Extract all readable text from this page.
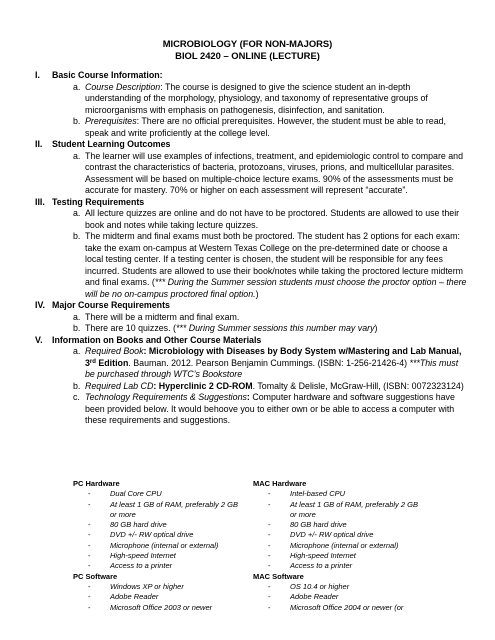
MICROBIOLOGY (FOR NON-MAJORS)
BIOL 2420 – ONLINE (LECTURE)
I.	Basic Course Information:
a. Course Description: The course is designed to give the science student an in-depth understanding of the morphology, physiology, and taxonomy of representative groups of microorganisms with emphasis on pathogenesis, disinfection, and sanitation.
b. Prerequisites: There are no official prerequisites. However, the student must be able to read, speak and write proficiently at the college level.
II.	Student Learning Outcomes
a. The learner will use examples of infections, treatment, and epidemiologic control to compare and contrast the characteristics of bacteria, protozoans, viruses, prions, and multicellular parasites. Assessment will be based on multiple-choice lecture exams. 90% of the assessments must be accurate for mastery. 70% or higher on each assessment will represent “accurate”.
III. Testing Requirements
a. All lecture quizzes are online and do not have to be proctored. Students are allowed to use their book and notes while taking lecture quizzes.
b. The midterm and final exams must both be proctored. The student has 2 options for each exam: take the exam on-campus at Western Texas College on the pre-determined date or choose a local testing center. If a testing center is chosen, the student will be responsible for any fees incurred. Students are allowed to use their book/notes while taking the proctored lecture midterm and final exams. (*** During the Summer session students must choose the proctor option – there will be no on-campus proctored final option.)
IV. Major Course Requirements
a. There will be a midterm and final exam.
b. There are 10 quizzes. (*** During Summer sessions this number may vary)
V.	Information on Books and Other Course Materials
a. Required Book: Microbiology with Diseases by Body System w/Mastering and Lab Manual, 3rd Edition. Bauman. 2012. Pearson Benjamin Cummings. (ISBN: 1-256-21426-4) ***This must be purchased through WTC’s Bookstore
b. Required Lab CD: Hyperclinic 2 CD-ROM. Tomalty & Delisle, McGraw-Hill, (ISBN: 0072323124)
c. Technology Requirements & Suggestions: Computer hardware and software suggestions have been provided below. It would behoove you to either own or be able to access a computer with these requirements and suggestions.
PC Hardware
-	Dual Core CPU
-	At least 1 GB of RAM, preferably 2 GB
or more
-	80 GB hard drive
-	DVD +/- RW optical drive
-	Microphone (internal or external)
-	High-speed Internet
-	Access to a printer
PC Software
-	Windows XP or higher
-	Adobe Reader
-	Microsoft Office 2003 or newer
MAC Hardware
-	Intel-based CPU
-	At least 1 GB of RAM, preferably 2 GB
or more
-	80 GB hard drive
-	DVD +/- RW optical drive
-	Microphone (internal or external)
-	High-speed Internet
-	Access to a printer
MAC Software
-	OS 10.4 or higher
-	Adobe Reader
-	Microsoft Office 2004 or newer (or
